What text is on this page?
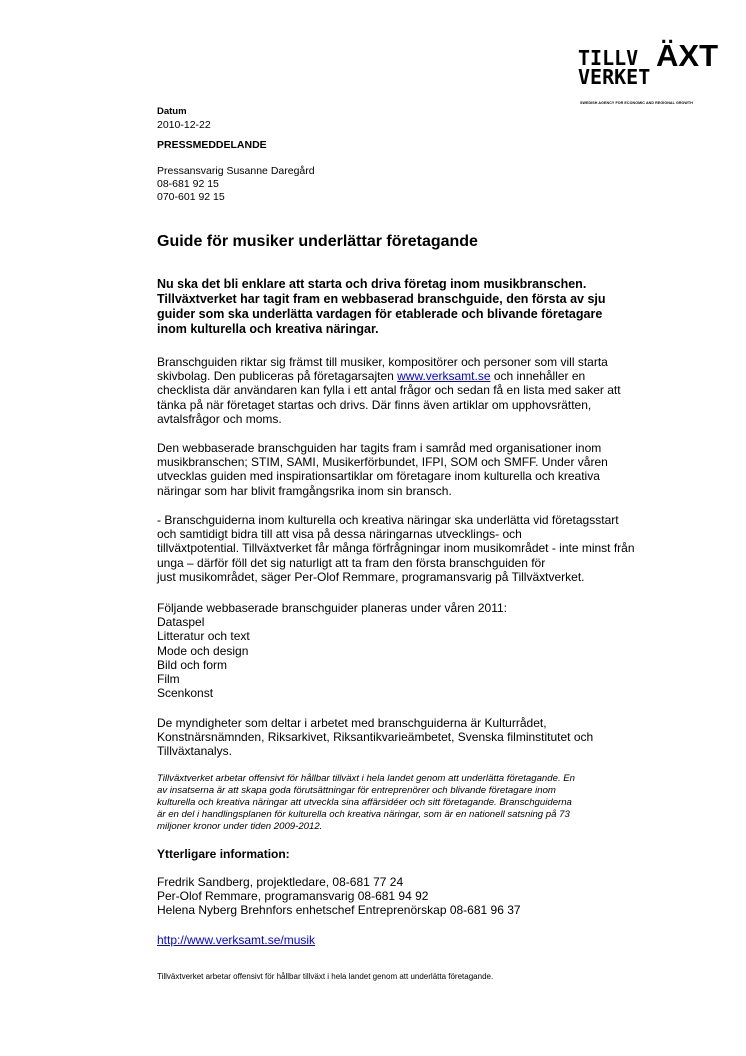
TILLV ÄXT
VERKET
SWEDISH AGENCY FOR ECONOMIC AND REGIONAL GROWTH
Datum
2010-12-22
PRESSMEDDELANDE
Pressansvarig Susanne Daregård
08-681 92 15
070-601 92 15
Guide för musiker underlättar företagande
Nu ska det bli enklare att starta och driva företag inom musikbranschen.
Tillväxtverket har tagit fram en webbaserad branschguide, den första av sju
guider som ska underlätta vardagen för etablerade och blivande företagare
inom kulturella och kreativa näringar.
Branschguiden riktar sig främst till musiker, kompositörer och personer som vill starta
skivbolag. Den publiceras på företagarsajten www.verksamt.se och innehåller en
checklista där användaren kan fylla i ett antal frågor och sedan få en lista med saker att
tänka på när företaget startas och drivs. Där finns även artiklar om upphovsrätten,
avtalsfrågor och moms.
Den webbaserade branschguiden har tagits fram i samråd med organisationer inom
musikbranschen; STIM, SAMI, Musikerförbundet, IFPI, SOM och SMFF. Under våren
utvecklas guiden med inspirationsartiklar om företagare inom kulturella och kreativa
näringar som har blivit framgångsrika inom sin bransch.
- Branschguiderna inom kulturella och kreativa näringar ska underlätta vid företagsstart
och samtidigt bidra till att visa på dessa näringarnas utvecklings- och
tillväxtpotential. Tillväxtverket får många förfrågningar inom musikområdet - inte minst från
unga – därför föll det sig naturligt att ta fram den första branschguiden för
just musikområdet, säger Per-Olof Remmare, programansvarig på Tillväxtverket.
Följande webbaserade branschguider planeras under våren 2011:
Dataspel
Litteratur och text
Mode och design
Bild och form
Film
Scenkonst
De myndigheter som deltar i arbetet med branschguiderna är Kulturrådet,
Konstnärsnämnden, Riksarkivet, Riksantikvarieämbetet, Svenska filminstitutet och
Tillväxtanalys.
Tillväxtverket arbetar offensivt för hållbar tillväxt i hela landet genom att underlätta företagande. En
av insatserna är att skapa goda förutsättningar för entreprenörer och blivande företagare inom
kulturella och kreativa näringar att utveckla sina affärsidéer och sitt företagande. Branschguiderna
är en del i handlingsplanen för kulturella och kreativa näringar, som är en nationell satsning på 73
miljoner kronor under tiden 2009-2012.
Ytterligare information:
Fredrik Sandberg, projektledare, 08-681 77 24
Per-Olof Remmare, programansvarig 08-681 94 92
Helena Nyberg Brehnfors enhetschef Entreprenörskap 08-681 96 37
http://www.verksamt.se/musik
Tillväxtverket arbetar offensivt för hållbar tillväxt i hela landet genom att underlätta företagande.
